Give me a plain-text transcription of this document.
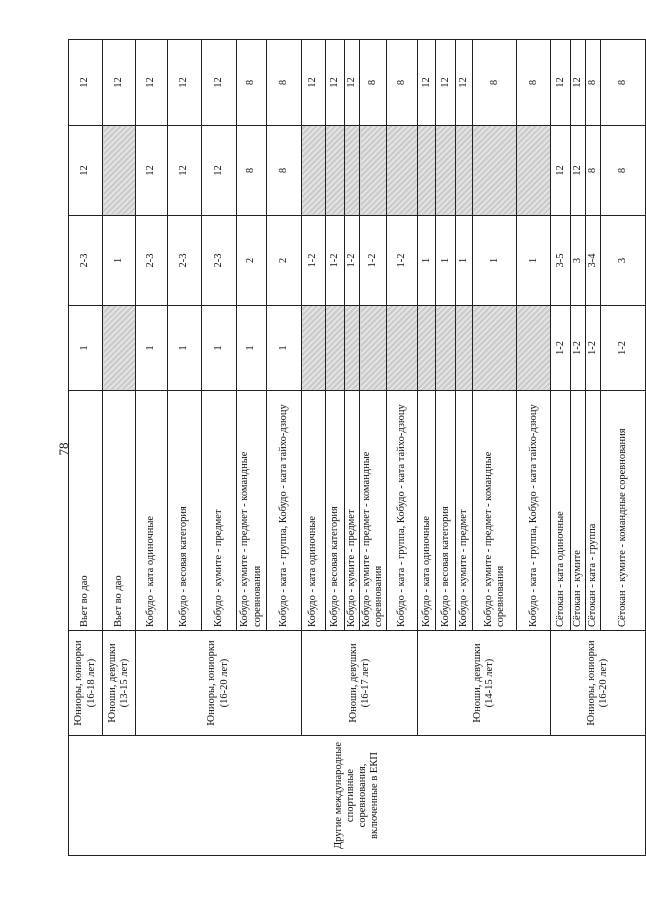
78
Другие международные спортивные соревнования, включенные в ЕКП	Юниоры, юниорки (16-18 лет)	Вьет во дао	1	2-3	12	12
	Юноши, девушки (13-15 лет)	Вьет во дао		1		12
	Юниоры, юниорки (16-20 лет)	Кобудо - ката одиночные	1	2-3	12	12
		Кобудо - весовая категория	1	2-3	12	12
		Кобудо - кумите - предмет	1	2-3	12	12
		Кобудо - кумите - предмет - командные соревнования	1	2	8	8
		Кобудо - ката - группа, Кобудо - ката тайхо-дзюцу	1	2	8	8
	Юноши, девушки (16-17 лет)	Кобудо - ката одиночные		1-2		12
		Кобудо - весовая категория		1-2		12
		Кобудо - кумите - предмет		1-2		12
		Кобудо - кумите - предмет - командные соревнования		1-2		8
		Кобудо - ката - группа, Кобудо - ката тайхо-дзюцу		1-2		8
	Юноши, девушки (14-15 лет)	Кобудо - ката одиночные		1		12
		Кобудо - весовая категория		1		12
		Кобудо - кумите - предмет		1		12
		Кобудо - кумите - предмет - командные соревнования		1		8
		Кобудо - ката - группа, Кобудо - ката тайхо-дзюцу		1		8
	Юниоры, юниорки (16-20 лет)	Сётокан - ката одиночные	1-2	3-5	12	12
		Сётокан - кумите	1-2	3	12	12
		Сётокан - ката - группа	1-2	3-4	8	8
		Сётокан - кумите - командные соревнования	1-2	3	8	8
